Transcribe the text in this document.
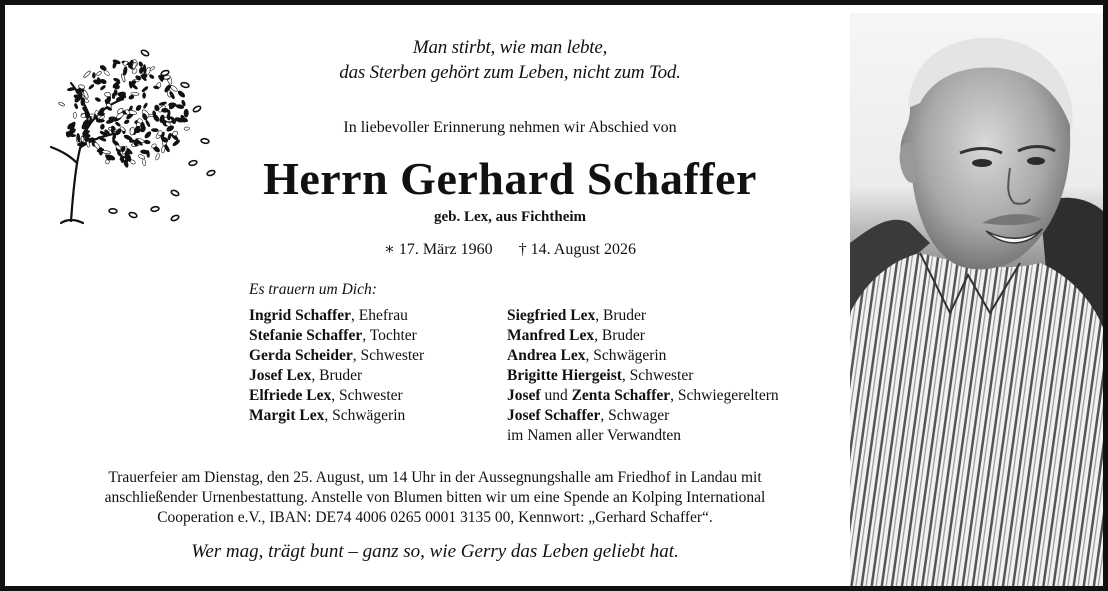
Man stirbt, wie man lebte,
das Sterben gehört zum Leben, nicht zum Tod.
In liebevoller Erinnerung nehmen wir Abschied von
Herrn Gerhard Schaffer
geb. Lex, aus Fichtheim
∗ 17. März 1960 † 14. August 2026
Es trauern um Dich:
Ingrid Schaffer, Ehefrau
Stefanie Schaffer, Tochter
Gerda Scheider, Schwester
Josef Lex, Bruder
Elfriede Lex, Schwester
Margit Lex, Schwägerin
Siegfried Lex, Bruder
Manfred Lex, Bruder
Andrea Lex, Schwägerin
Brigitte Hiergeist, Schwester
Josef und Zenta Schaffer, Schwiegereltern
Josef Schaffer, Schwager
im Namen aller Verwandten
Trauerfeier am Dienstag, den 25. August, um 14 Uhr in der Aussegnungshalle am Friedhof in Landau mit
anschließender Urnenbestattung. Anstelle von Blumen bitten wir um eine Spende an Kolping International
Cooperation e.V., IBAN: DE74 4006 0265 0001 3135 00, Kennwort: „Gerhard Schaffer“.
Wer mag, trägt bunt – ganz so, wie Gerry das Leben geliebt hat.
